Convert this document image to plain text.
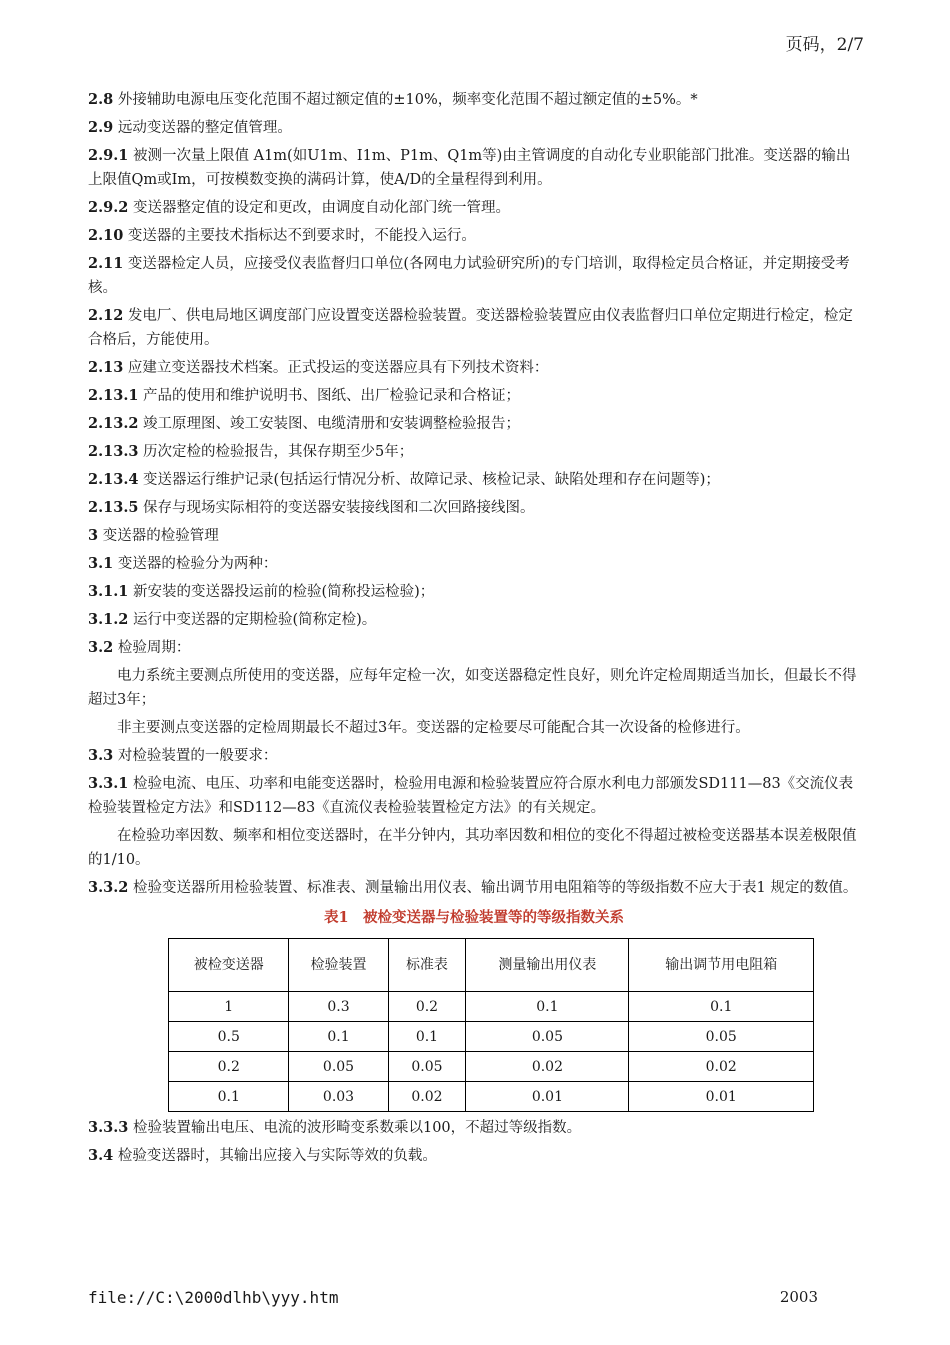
页码，2/7
2.8 外接辅助电源电压变化范围不超过额定值的±10%，频率变化范围不超过额定值的±5%。*
2.9 远动变送器的整定值管理。
2.9.1 被测一次量上限值 A1m(如U1m、I1m、P1m、Q1m等)由主管调度的自动化专业职能部门批准。变送器的输出上限值Qm或Im，可按模数变换的满码计算，使A/D的全量程得到利用。
2.9.2 变送器整定值的设定和更改，由调度自动化部门统一管理。
2.10 变送器的主要技术指标达不到要求时，不能投入运行。
2.11 变送器检定人员，应接受仪表监督归口单位(各网电力试验研究所)的专门培训，取得检定员合格证，并定期接受考核。
2.12 发电厂、供电局地区调度部门应设置变送器检验装置。变送器检验装置应由仪表监督归口单位定期进行检定，检定合格后，方能使用。
2.13 应建立变送器技术档案。正式投运的变送器应具有下列技术资料：
2.13.1 产品的使用和维护说明书、图纸、出厂检验记录和合格证；
2.13.2 竣工原理图、竣工安装图、电缆清册和安装调整检验报告；
2.13.3 历次定检的检验报告，其保存期至少5年；
2.13.4 变送器运行维护记录(包括运行情况分析、故障记录、核检记录、缺陷处理和存在问题等)；
2.13.5 保存与现场实际相符的变送器安装接线图和二次回路接线图。
3 变送器的检验管理
3.1 变送器的检验分为两种：
3.1.1 新安装的变送器投运前的检验(简称投运检验)；
3.1.2 运行中变送器的定期检验(简称定检)。
3.2 检验周期：
电力系统主要测点所使用的变送器，应每年定检一次，如变送器稳定性良好，则允许定检周期适当加长，但最长不得超过3年；
非主要测点变送器的定检周期最长不超过3年。变送器的定检要尽可能配合其一次设备的检修进行。
3.3 对检验装置的一般要求：
3.3.1 检验电流、电压、功率和电能变送器时，检验用电源和检验装置应符合原水利电力部颁发SD111—83《交流仪表检验装置检定方法》和SD112—83《直流仪表检验装置检定方法》的有关规定。
在检验功率因数、频率和相位变送器时，在半分钟内，其功率因数和相位的变化不得超过被检变送器基本误差极限值的1/10。
3.3.2 检验变送器所用检验装置、标准表、测量输出用仪表、输出调节用电阻箱等的等级指数不应大于表1 规定的数值。
表1　被检变送器与检验装置等的等级指数关系
被检变送器	检验装置	标准表	测量输出用仪表	输出调节用电阻箱
1	0.3	0.2	0.1	0.1
0.5	0.1	0.1	0.05	0.05
0.2	0.05	0.05	0.02	0.02
0.1	0.03	0.02	0.01	0.01
3.3.3 检验装置输出电压、电流的波形畸变系数乘以100，不超过等级指数。
3.4 检验变送器时，其输出应接入与实际等效的负载。
file://C:\2000dlhb\yyy.htm	2003
